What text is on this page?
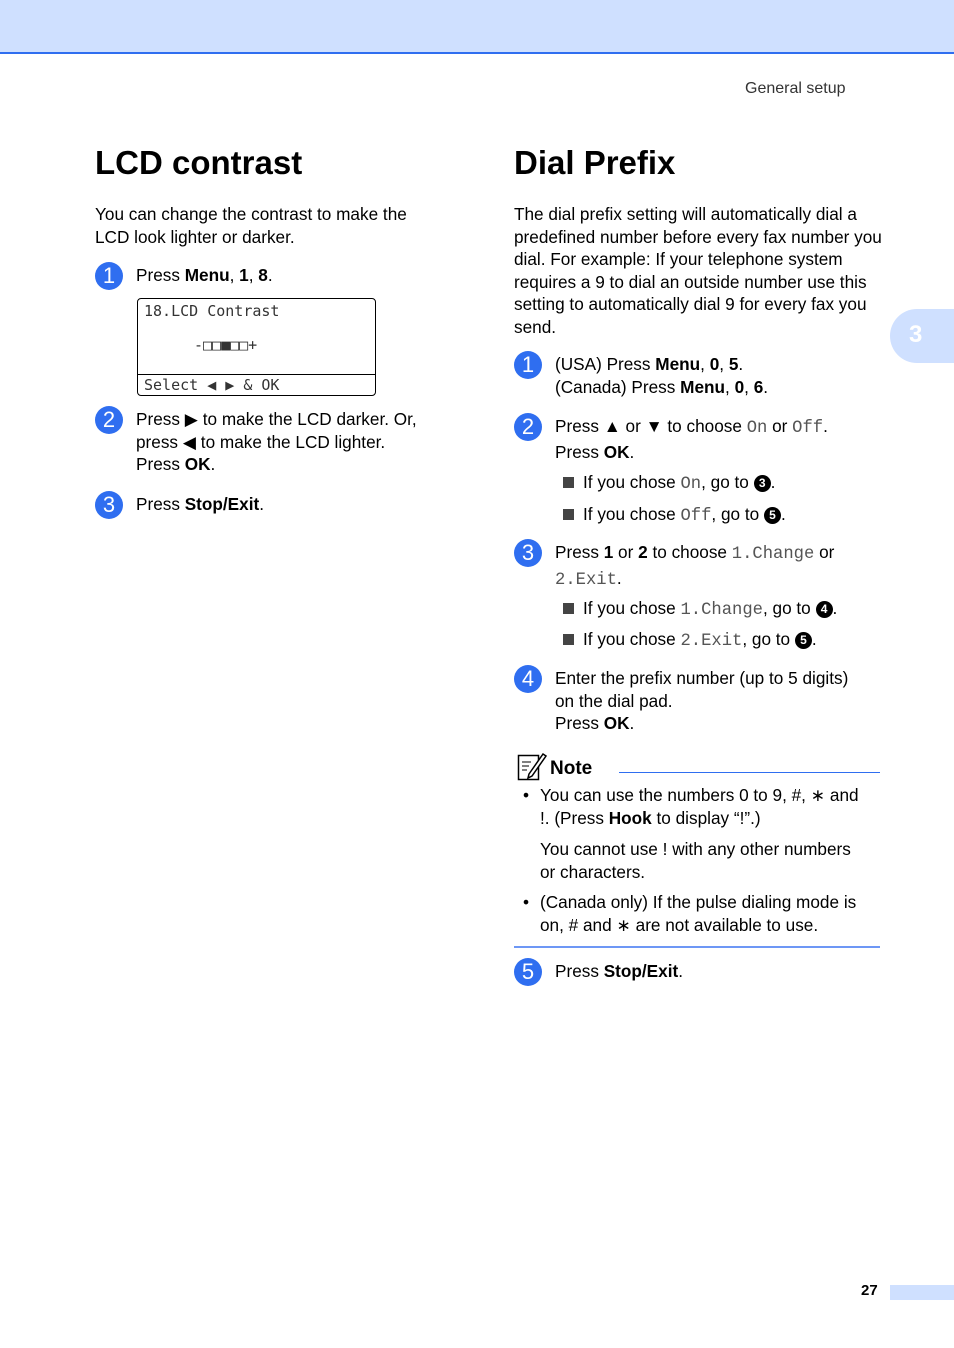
General setup
3
LCD contrast

You can change the contrast to make the LCD look lighter or darker.

1	Press Menu, 1, 8.
18.LCD Contrast
-□□■□□+
Select ◀ ▶ & OK
2	Press ▶ to make the LCD darker. Or,
press ◀ to make the LCD lighter.
Press OK.
3	Press Stop/Exit.
Dial Prefix

The dial prefix setting will automatically dial a predefined number before every fax number you dial. For example: If your telephone system requires a 9 to dial an outside number use this setting to automatically dial 9 for every fax you send.

1	(USA) Press Menu, 0, 5.
(Canada) Press Menu, 0, 6.
2	Press ▲ or ▼ to choose On or Off.
Press OK.
If you chose On, go to 3 .
If you chose Off, go to 5 .
3	Press 1 or 2 to choose 1.Change or
2.Exit.
If you chose 1.Change, go to 4 .
If you chose 2.Exit, go to 5 .
4	Enter the prefix number (up to 5 digits)
on the dial pad.
Press OK.
Note
• You can use the numbers 0 to 9, #, ∗ and
!. (Press Hook to display “!”.)
You cannot use ! with any other numbers
or characters.
• (Canada only) If the pulse dialing mode is
on, # and ∗ are not available to use.
5	Press Stop/Exit.
27
